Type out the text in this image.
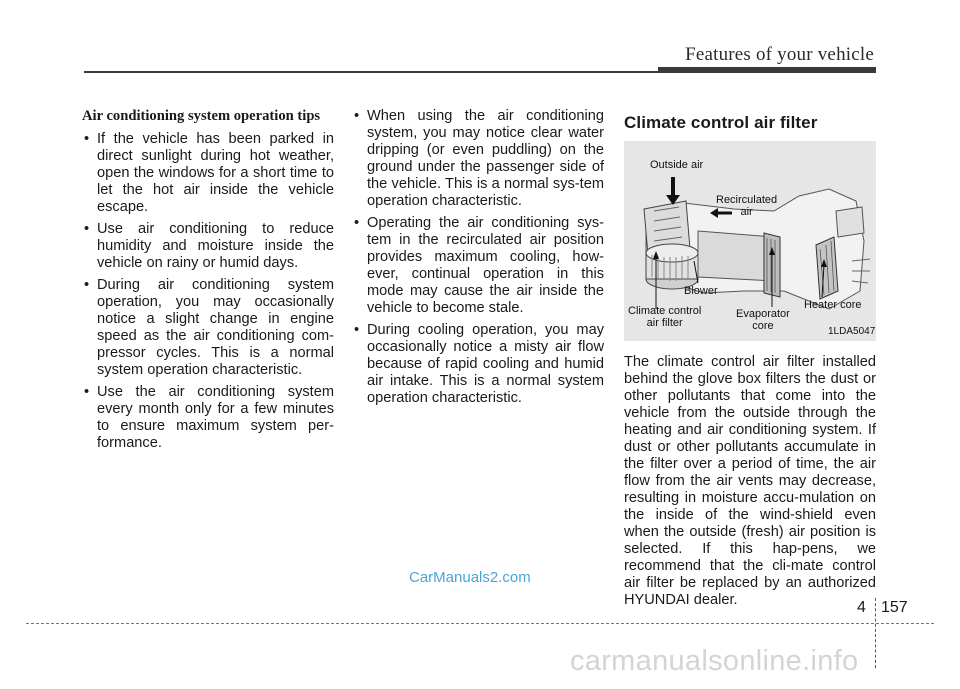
Features of your vehicle

Air conditioning system operation tips

• If the vehicle has been parked in direct sunlight during hot weather, open the windows for a short time to let the hot air inside the vehicle escape.
• Use air conditioning to reduce humidity and moisture inside the vehicle on rainy or humid days.
• During air conditioning system operation, you may occasionally notice a slight change in engine speed as the air conditioning com-pressor cycles. This is a normal system operation characteristic.
• Use the air conditioning system every month only for a few minutes to ensure maximum system per-formance.
• When using the air conditioning system, you may notice clear water dripping (or even puddling) on the ground under the passenger side of the vehicle. This is a normal sys-tem operation characteristic.
• Operating the air conditioning sys-tem in the recirculated air position provides maximum cooling, how-ever, continual operation in this mode may cause the air inside the vehicle to become stale.
• During cooling operation, you may occasionally notice a misty air flow because of rapid cooling and humid air intake. This is a normal system operation characteristic.

Climate control air filter

Outside air
Recirculated
air
Blower
Climate control
air filter
Evaporator
core
Heater core
1LDA5047

The climate control air filter installed behind the glove box filters the dust or other pollutants that come into the vehicle from the outside through the heating and air conditioning system. If dust or other pollutants accumulate in the filter over a period of time, the air flow from the air vents may decrease, resulting in moisture accu-mulation on the inside of the wind-shield even when the outside (fresh) air position is selected. If this hap-pens, we recommend that the cli-mate control air filter be replaced by an authorized HYUNDAI dealer.

CarManuals2.com
4 157
carmanualsonline.info
